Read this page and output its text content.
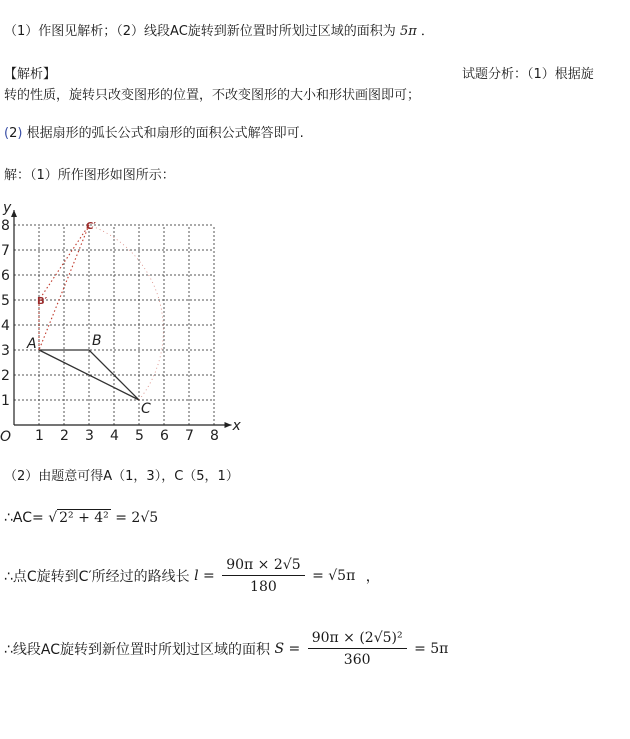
（1）作图见解析；（2）线段AC旋转到新位置时所划过区域的面积为 5π ．
【解析】	试题分析：（1）根据旋
转的性质，旋转只改变图形的位置，不改变图形的大小和形状画图即可；
(2) 根据扇形的弧长公式和扇形的面积公式解答即可.
解：（1）所作图形如图所示：
1 2 3 4 5 6 7 8
1
2
3
4
5
6
7
8
O
x
y
A	B
C
C′
B′
（2）由题意可得A（1，3），C（5，1）
∴AC= √ 2² + 4² = 2√5
∴点C旋转到C′所经过的路线长 $l = \frac{90\pi \times 2√5}{180} = √5\pi$ ，
∴线段AC旋转到新位置时所划过区域的面积 $S = \frac{\text{90π × (2√5)²}}{360} = 5\pi$
